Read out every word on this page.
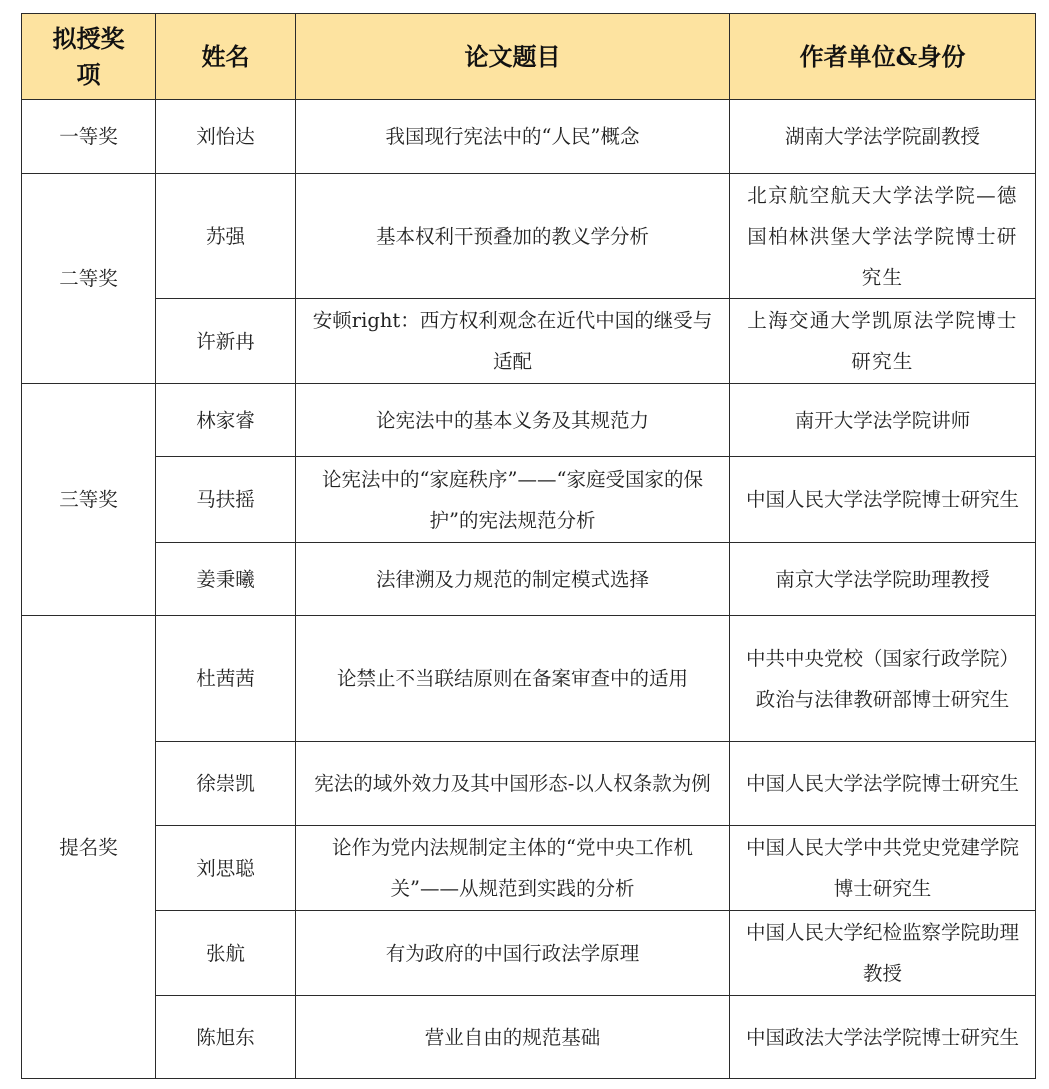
拟授奖项	姓名	论文题目	作者单位&身份
一等奖	刘怡达	我国现行宪法中的“人民”概念	湖南大学法学院副教授
二等奖	苏强	基本权利干预叠加的教义学分析	北京航空航天大学法学院—德国柏林洪堡大学法学院博士研究生
	许新冉	安顿right：西方权利观念在近代中国的继受与适配	上海交通大学凯原法学院博士研究生
三等奖	林家睿	论宪法中的基本义务及其规范力	南开大学法学院讲师
	马扶摇	论宪法中的“家庭秩序”——“家庭受国家的保护”的宪法规范分析	中国人民大学法学院博士研究生
	姜秉曦	法律溯及力规范的制定模式选择	南京大学法学院助理教授
提名奖	杜茜茜	论禁止不当联结原则在备案审查中的适用	中共中央党校（国家行政学院）政治与法律教研部博士研究生
	徐崇凯	宪法的域外效力及其中国形态-以人权条款为例	中国人民大学法学院博士研究生
	刘思聪	论作为党内法规制定主体的“党中央工作机关”——从规范到实践的分析	中国人民大学中共党史党建学院博士研究生
	张航	有为政府的中国行政法学原理	中国人民大学纪检监察学院助理教授
	陈旭东	营业自由的规范基础	中国政法大学法学院博士研究生
